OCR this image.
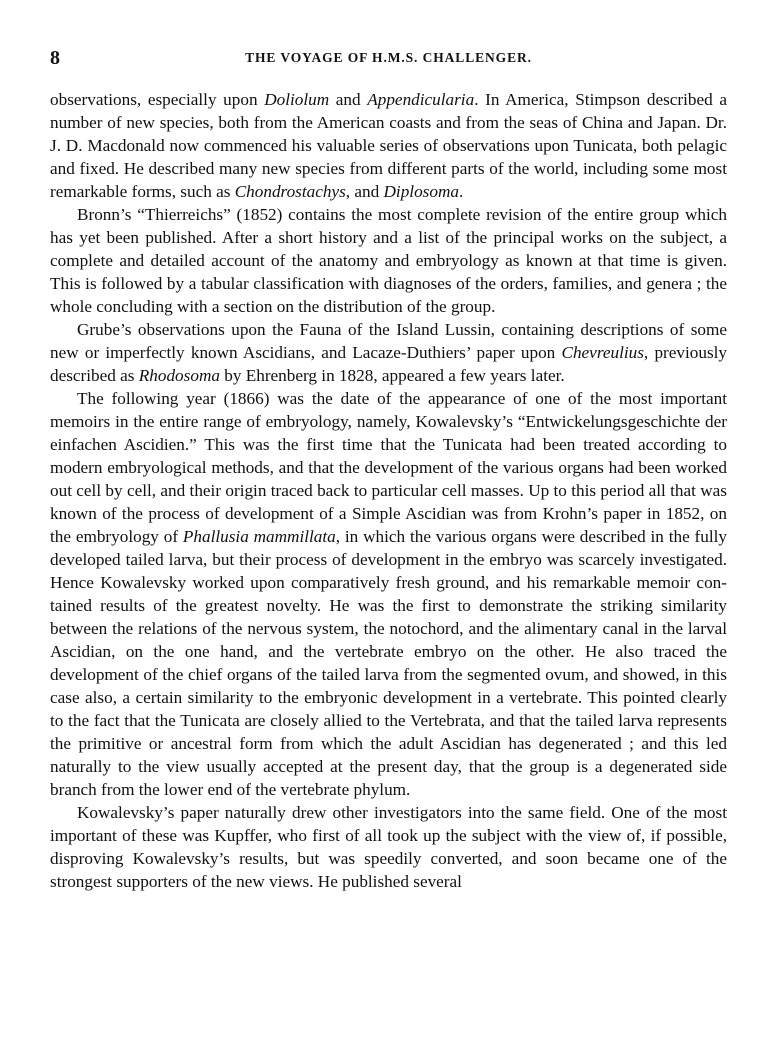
8	THE VOYAGE OF H.M.S. CHALLENGER.

observations, especially upon Doliolum and Appendicularia. In America, Stimpson described a number of new species, both from the American coasts and from the seas of China and Japan. Dr. J. D. Macdonald now commenced his valuable series of observations upon Tunicata, both pelagic and fixed. He described many new species from different parts of the world, including some most remarkable forms, such as Chondrostachys, and Diplosoma.

Bronn’s “Thierreichs” (1852) contains the most complete revision of the entire group which has yet been published. After a short history and a list of the principal works on the subject, a complete and detailed account of the anatomy and embryology as known at that time is given. This is followed by a tabular classification with diagnoses of the orders, families, and genera ; the whole concluding with a section on the distribution of the group.

Grube’s observations upon the Fauna of the Island Lussin, containing descriptions of some new or imperfectly known Ascidians, and Lacaze-Duthiers’ paper upon Chevreulius, previously described as Rhodosoma by Ehrenberg in 1828, appeared a few years later.

The following year (1866) was the date of the appearance of one of the most important memoirs in the entire range of embryology, namely, Kowalevsky’s “Entwickelungsgeschichte der einfachen Ascidien.” This was the first time that the Tunicata had been treated according to modern embryological methods, and that the development of the various organs had been worked out cell by cell, and their origin traced back to particular cell masses. Up to this period all that was known of the process of development of a Simple Ascidian was from Krohn’s paper in 1852, on the embryology of Phallusia mammillata, in which the various organs were described in the fully developed tailed larva, but their process of development in the embryo was scarcely investigated. Hence Kowalevsky worked upon comparatively fresh ground, and his remarkable memoir contained results of the greatest novelty. He was the first to demonstrate the striking similarity between the relations of the nervous system, the notochord, and the alimentary canal in the larval Ascidian, on the one hand, and the vertebrate embryo on the other. He also traced the development of the chief organs of the tailed larva from the segmented ovum, and showed, in this case also, a certain similarity to the embryonic development in a vertebrate. This pointed clearly to the fact that the Tunicata are closely allied to the Vertebrata, and that the tailed larva represents the primitive or ancestral form from which the adult Ascidian has degenerated ; and this led naturally to the view usually accepted at the present day, that the group is a degenerated side branch from the lower end of the vertebrate phylum.

Kowalevsky’s paper naturally drew other investigators into the same field. One of the most important of these was Kupffer, who first of all took up the subject with the view of, if possible, disproving Kowalevsky’s results, but was speedily converted, and soon became one of the strongest supporters of the new views. He published several
